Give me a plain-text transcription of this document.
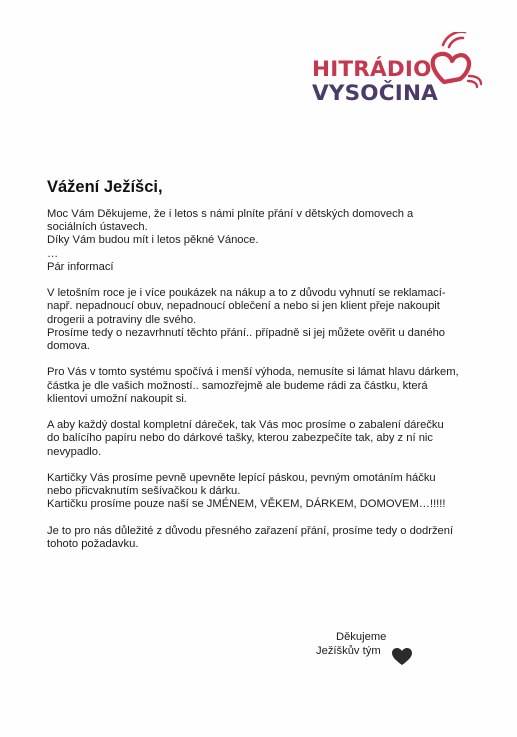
HITRÁDIO
VYSOČINA
Vážení Ježíšci,

Moc Vám Děkujeme, že i letos s námi plníte přání v dětských domovech a
sociálních ústavech.
Díky Vám budou mít i letos pěkné Vánoce.
…
Pár informací

V letošním roce je i více poukázek na nákup a to z důvodu vyhnutí se reklamací-
např. nepadnoucí obuv, nepadnoucí oblečení a nebo si jen klient přeje nakoupit
drogerii a potraviny dle svého.
Prosíme tedy o nezavrhnutí těchto přání.. případně si jej můžete ověřit u daného
domova.

Pro Vás v tomto systému spočívá i menší výhoda, nemusíte si lámat hlavu dárkem,
částka je dle vašich možností.. samozřejmě ale budeme rádi za částku, která
klientovi umožní nakoupit si.

A aby každý dostal kompletní dáreček, tak Vás moc prosíme o zabalení dárečku
do balícího papíru nebo do dárkové tašky, kterou zabezpečíte tak, aby z ní nic
nevypadlo.

Kartičky Vás prosíme pevně upevněte lepící páskou, pevným omotáním háčku
nebo přicvaknutím sešívačkou k dárku.
Kartičku prosíme pouze naší se JMÉNEM, VĚKEM, DÁRKEM, DOMOVEM…!!!!!

Je to pro nás důležité z důvodu přesného zařazení přání, prosíme tedy o dodržení
tohoto požadavku.

Děkujeme
Ježíškův tým
